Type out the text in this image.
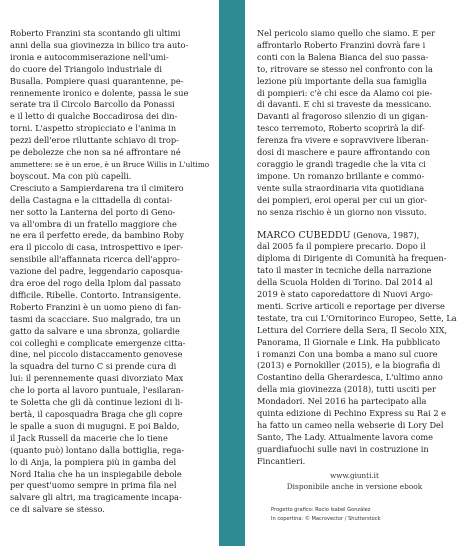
Roberto Franzini sta scontando gli ultimi
anni della sua giovinezza in bilico tra auto-
ironia e autocommiserazione nell'umi-
do cuore del Triangolo industriale di
Busalla. Pompiere quasi quarantenne, pe-
rennemente ironico e dolente, passa le sue
serate tra il Circolo Barcollo da Ponassi
e il letto di qualche Boccadirosa dei din-
torni. L'aspetto stropicciato e l'anima in
pezzi dell'eroe riluttante schiavo di trop-
pe debolezze che non sa né affrontare né
ammettere: se è un eroe, è un Bruce Willis in L'ultimo
boyscout. Ma con più capelli.
Cresciuto a Sampierdarena tra il cimitero
della Castagna e la cittadella di contai-
ner sotto la Lanterna del porto di Geno-
va all'ombra di un fratello maggiore che
ne era il perfetto erede, da bambino Roby
era il piccolo di casa, introspettivo e iper-
sensibile all'affannata ricerca dell'appro-
vazione del padre, leggendario caposqua-
dra eroe del rogo della Iplom dal passato
difficile. Ribelle. Contorto. Intransigente.
Roberto Franzini è un uomo pieno di fan-
tasmi da scacciare. Suo malgrado, tra un
gatto da salvare e una sbronza, goliardie
coi colleghi e complicate emergenze citta-
dine, nel piccolo distaccamento genovese
la squadra del turno C si prende cura di
lui: il perennemente quasi divorziato Max
che lo porta al lavoro puntuale, l'esilaran-
te Soletta che gli dà continue lezioni di li-
bertà, il caposquadra Braga che gli copre
le spalle a suon di mugugni. E poi Baldo,
il Jack Russell da macerie che lo tiene
(quanto può) lontano dalla bottiglia, rega-
lo di Anja, la pompiera più in gamba del
Nord Italia che ha un inspiegabile debole
per quest'uomo sempre in prima fila nel
salvare gli altri, ma tragicamente incapa-
ce di salvare se stesso.
Nel pericolo siamo quello che siamo. E per
affrontarlo Roberto Franzini dovrà fare i
conti con la Balena Bianca del suo passa-
to, ritrovare se stesso nel confronto con la
lezione più importante della sua famiglia
di pompieri: c'è chi esce da Alamo coi pie-
di davanti. E chi si traveste da messicano.
Davanti al fragoroso silenzio di un gigan-
tesco terremoto, Roberto scoprirà la dif-
ferenza fra vivere e sopravvivere liberan-
dosi di maschere e paure affrontando con
coraggio le grandi tragedie che la vita ci
impone. Un romanzo brillante e commo-
vente sulla straordinaria vita quotidiana
dei pompieri, eroi operai per cui un gior-
no senza rischio è un giorno non vissuto.
MARCO CUBEDDU (Genova, 1987),
dal 2005 fa il pompiere precario. Dopo il
diploma di Dirigente di Comunità ha frequen-
tato il master in tecniche della narrazione
della Scuola Holden di Torino. Dal 2014 al
2019 è stato caporedattore di Nuovi Argo-
menti. Scrive articoli e reportage per diverse
testate, tra cui L'Ornitorinco Europeo, Sette, La
Lettura del Corriere della Sera, Il Secolo XIX,
Panorama, Il Giornale e Link. Ha pubblicato
i romanzi Con una bomba a mano sul cuore
(2013) e Pornokiller (2015), e la biografia di
Costantino della Gherardesca, L'ultimo anno
della mia giovinezza (2018), tutti usciti per
Mondadori. Nel 2016 ha partecipato alla
quinta edizione di Pechino Express su Rai 2 e
ha fatto un cameo nella webserie di Lory Del
Santo, The Lady. Attualmente lavora come
guardiafuochi sulle navi in costruzione in
Fincantieri.
www.giunti.it
Disponibile anche in versione ebook
Progetto grafico: Rocio Isabel González
In copertina: © Macrovector / Shutterstock
